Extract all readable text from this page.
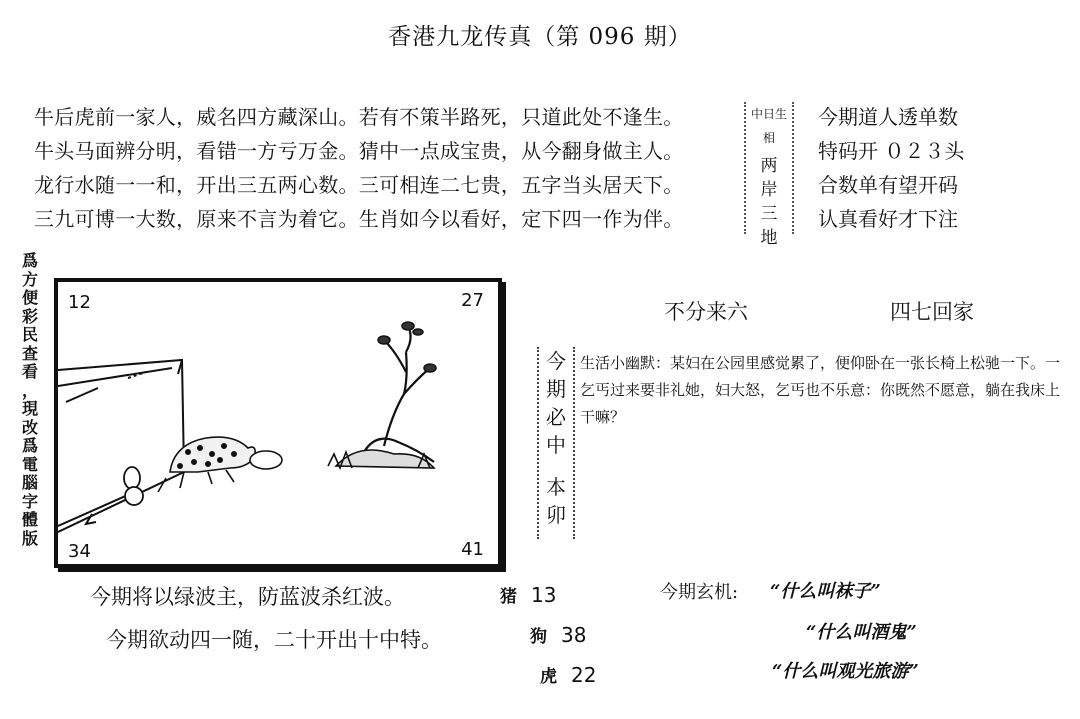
香港九龙传真（第 096 期）
牛后虎前一家人，威名四方藏深山。若有不策半路死，只道此处不逢生。
牛头马面辨分明，看错一方亏万金。猜中一点成宝贵，从今翻身做主人。
龙行水随一一和，开出三五两心数。三可相连二七贵，五字当头居天下。
三九可博一大数，原来不言为着它。生肖如今以看好，定下四一作为伴。
中日生相
两
岸
三
地
今期道人透单数
特码开 ０２３头
合数单有望开码
认真看好才下注
爲
方
便
彩
民
查
看
，
現
改
爲
電
腦
字
體
版
12	27
34	41
不分来六	四七回家
今
期
必
中
本
卯
生活小幽默：某妇在公园里感觉累了，便仰卧在一张长椅上松驰一下。一乞丐过来要非礼她，妇大怒，乞丐也不乐意：你既然不愿意，躺在我床上干嘛？
今期将以绿波主，防蓝波杀红波。
今期欲动四一随，二十开出十中特。
猪 13
狗 38
虎 22
今期玄机: “什么叫袜子”
“什么叫酒鬼”
“什么叫观光旅游”
